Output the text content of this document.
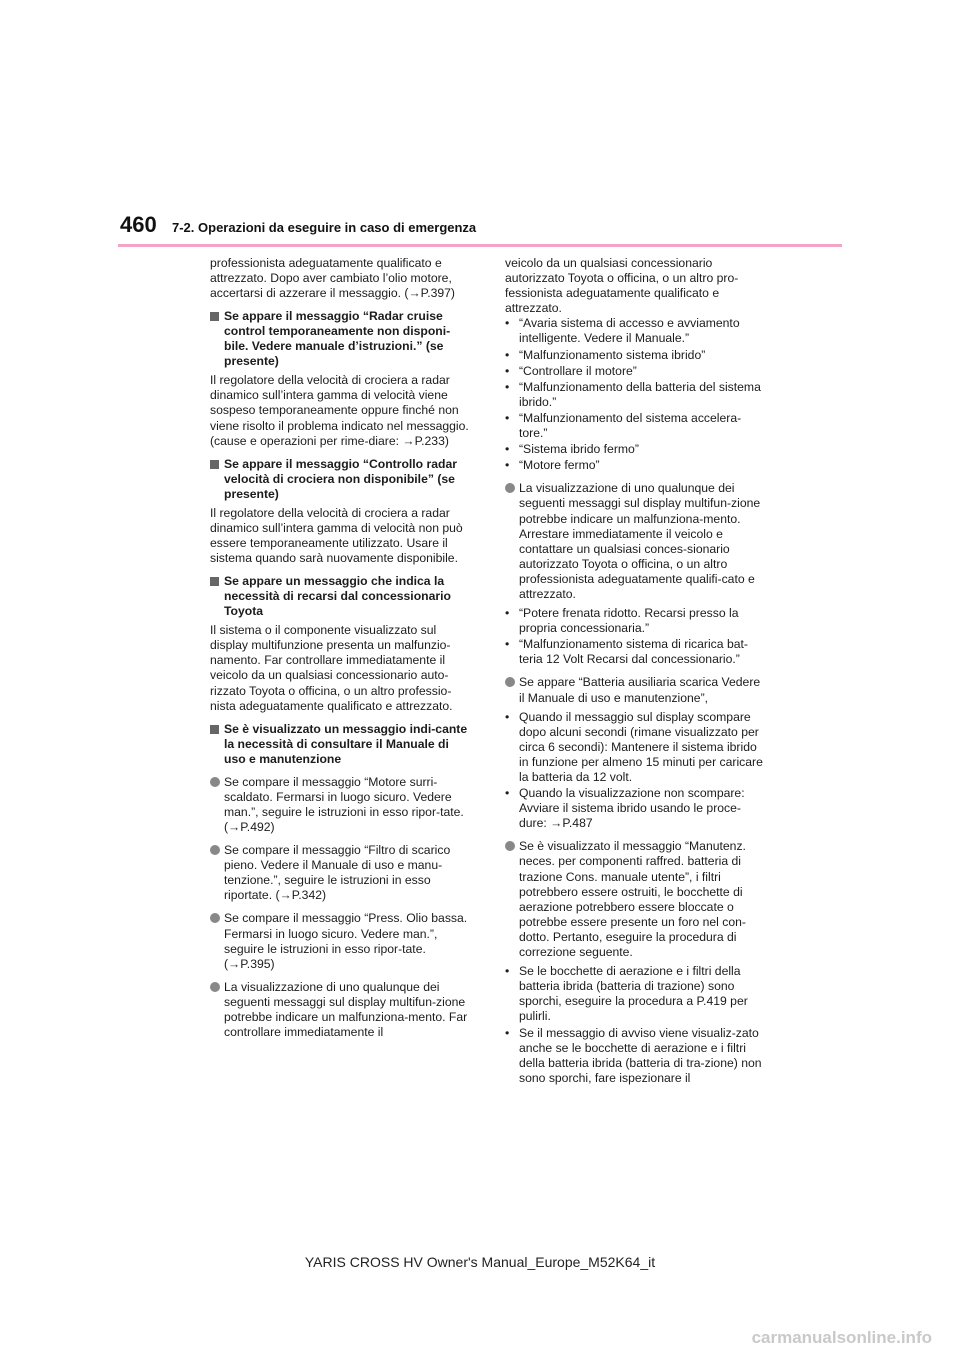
460 7-2. Operazioni da eseguire in caso di emergenza

professionista adeguatamente qualificato e attrezzato. Dopo aver cambiato l’olio motore, accertarsi di azzerare il messaggio. (→P.397)

Se appare il messaggio “Radar cruise control temporaneamente non disponi-bile. Vedere manuale d’istruzioni.” (se presente)

Il regolatore della velocità di crociera a radar dinamico sull’intera gamma di velocità viene sospeso temporaneamente oppure finché non viene risolto il problema indicato nel messaggio. (cause e operazioni per rime-diare: →P.233)

Se appare il messaggio “Controllo radar velocità di crociera non disponibile” (se presente)

Il regolatore della velocità di crociera a radar dinamico sull’intera gamma di velocità non può essere temporaneamente utilizzato. Usare il sistema quando sarà nuovamente disponibile.

Se appare un messaggio che indica la necessità di recarsi dal concessionario Toyota

Il sistema o il componente visualizzato sul display multifunzione presenta un malfunzio-namento. Far controllare immediatamente il veicolo da un qualsiasi concessionario auto-rizzato Toyota o officina, o un altro professio-nista adeguatamente qualificato e attrezzato.

Se è visualizzato un messaggio indi-cante la necessità di consultare il Manuale di uso e manutenzione
Se compare il messaggio “Motore surri-scaldato. Fermarsi in luogo sicuro. Vedere man.”, seguire le istruzioni in esso ripor-tate. (→P.492)
Se compare il messaggio “Filtro di scarico pieno. Vedere il Manuale di uso e manu-tenzione.”, seguire le istruzioni in esso riportate. (→P.342)
Se compare il messaggio “Press. Olio bassa. Fermarsi in luogo sicuro. Vedere man.”, seguire le istruzioni in esso ripor-tate. (→P.395)
La visualizzazione di uno qualunque dei seguenti messaggi sul display multifun-zione potrebbe indicare un malfunziona-mento. Far controllare immediatamente il

veicolo da un qualsiasi concessionario autorizzato Toyota o officina, o un altro pro-fessionista adeguatamente qualificato e attrezzato.

• “Avaria sistema di accesso e avviamento intelligente. Vedere il Manuale.”
• “Malfunzionamento sistema ibrido”
• “Controllare il motore”
• “Malfunzionamento della batteria del sistema ibrido.”
• “Malfunzionamento del sistema accelera-tore.”
• “Sistema ibrido fermo”
• “Motore fermo”
La visualizzazione di uno qualunque dei seguenti messaggi sul display multifun-zione potrebbe indicare un malfunziona-mento. Arrestare immediatamente il veicolo e contattare un qualsiasi conces-sionario autorizzato Toyota o officina, o un altro professionista adeguatamente qualifi-cato e attrezzato.
• “Potere frenata ridotto. Recarsi presso la propria concessionaria.”
• “Malfunzionamento sistema di ricarica bat-teria 12 Volt Recarsi dal concessionario.”
Se appare “Batteria ausiliaria scarica Vedere il Manuale di uso e manutenzione”,
• Quando il messaggio sul display scompare dopo alcuni secondi (rimane visualizzato per circa 6 secondi): Mantenere il sistema ibrido in funzione per almeno 15 minuti per caricare la batteria da 12 volt.
• Quando la visualizzazione non scompare: Avviare il sistema ibrido usando le proce-dure: →P.487
Se è visualizzato il messaggio “Manutenz. neces. per componenti raffred. batteria di trazione Cons. manuale utente”, i filtri potrebbero essere ostruiti, le bocchette di aerazione potrebbero essere bloccate o potrebbe essere presente un foro nel con-dotto. Pertanto, eseguire la procedura di correzione seguente.
• Se le bocchette di aerazione e i filtri della batteria ibrida (batteria di trazione) sono sporchi, eseguire la procedura a P.419 per pulirli.
• Se il messaggio di avviso viene visualiz-zato anche se le bocchette di aerazione e i filtri della batteria ibrida (batteria di tra-zione) non sono sporchi, fare ispezionare il
YARIS CROSS HV Owner's Manual_Europe_M52K64_it
carmanualsonline.info
